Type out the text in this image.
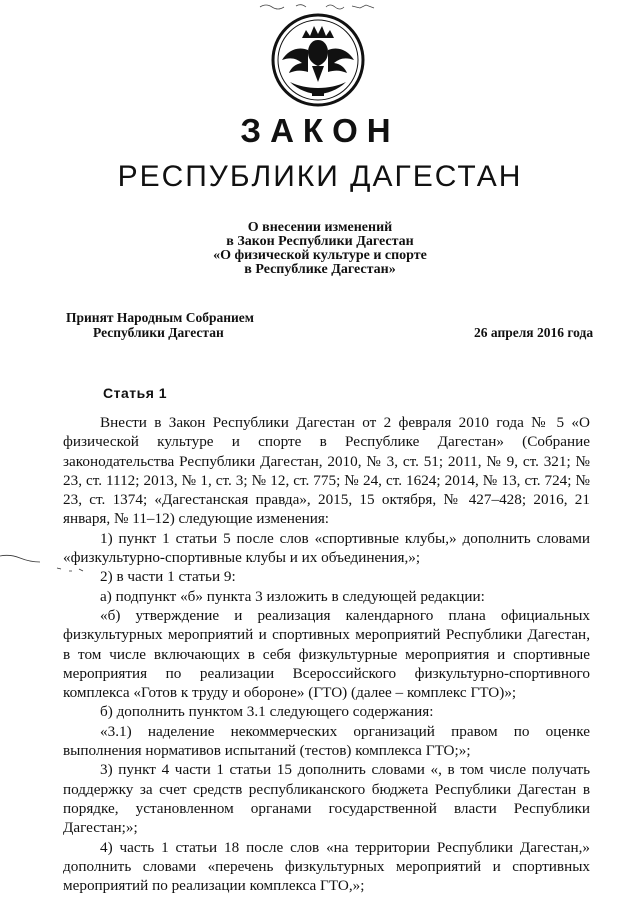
ЗАКОН
РЕСПУБЛИКИ ДАГЕСТАН
О внесении изменений
в Закон Республики Дагестан
«О физической культуре и спорте
в Республике Дагестан»
Принят Народным Собранием
Республики Дагестан	26 апреля 2016 года
Статья 1

Внести в Закон Республики Дагестан от 2 февраля 2010 года № 5 «О физической культуре и спорте в Республике Дагестан» (Собрание законодательства Республики Дагестан, 2010, № 3, ст. 51; 2011, № 9, ст. 321; № 23, ст. 1112; 2013, № 1, ст. 3; № 12, ст. 775; № 24, ст. 1624; 2014, № 13, ст. 724; № 23, ст. 1374; «Дагестанская правда», 2015, 15 октября, № 427–428; 2016, 21 января, № 11–12) следующие изменения:

1) пункт 1 статьи 5 после слов «спортивные клубы,» дополнить словами «физкультурно-спортивные клубы и их объединения,»;

2) в части 1 статьи 9:

а) подпункт «б» пункта 3 изложить в следующей редакции:

«б) утверждение и реализация календарного плана официальных физкультурных мероприятий и спортивных мероприятий Республики Дагестан, в том числе включающих в себя физкультурные мероприятия и спортивные мероприятия по реализации Всероссийского физкультурно-спортивного комплекса «Готов к труду и обороне» (ГТО) (далее – комплекс ГТО)»;

б) дополнить пунктом 3.1 следующего содержания:

«3.1) наделение некоммерческих организаций правом по оценке выполнения нормативов испытаний (тестов) комплекса ГТО;»;

3) пункт 4 части 1 статьи 15 дополнить словами «, в том числе получать поддержку за счет средств республиканского бюджета Республики Дагестан в порядке, установленном органами государственной власти Республики Дагестан;»;

4) часть 1 статьи 18 после слов «на территории Республики Дагестан,» дополнить словами «перечень физкультурных мероприятий и спортивных мероприятий по реализации комплекса ГТО,»;
